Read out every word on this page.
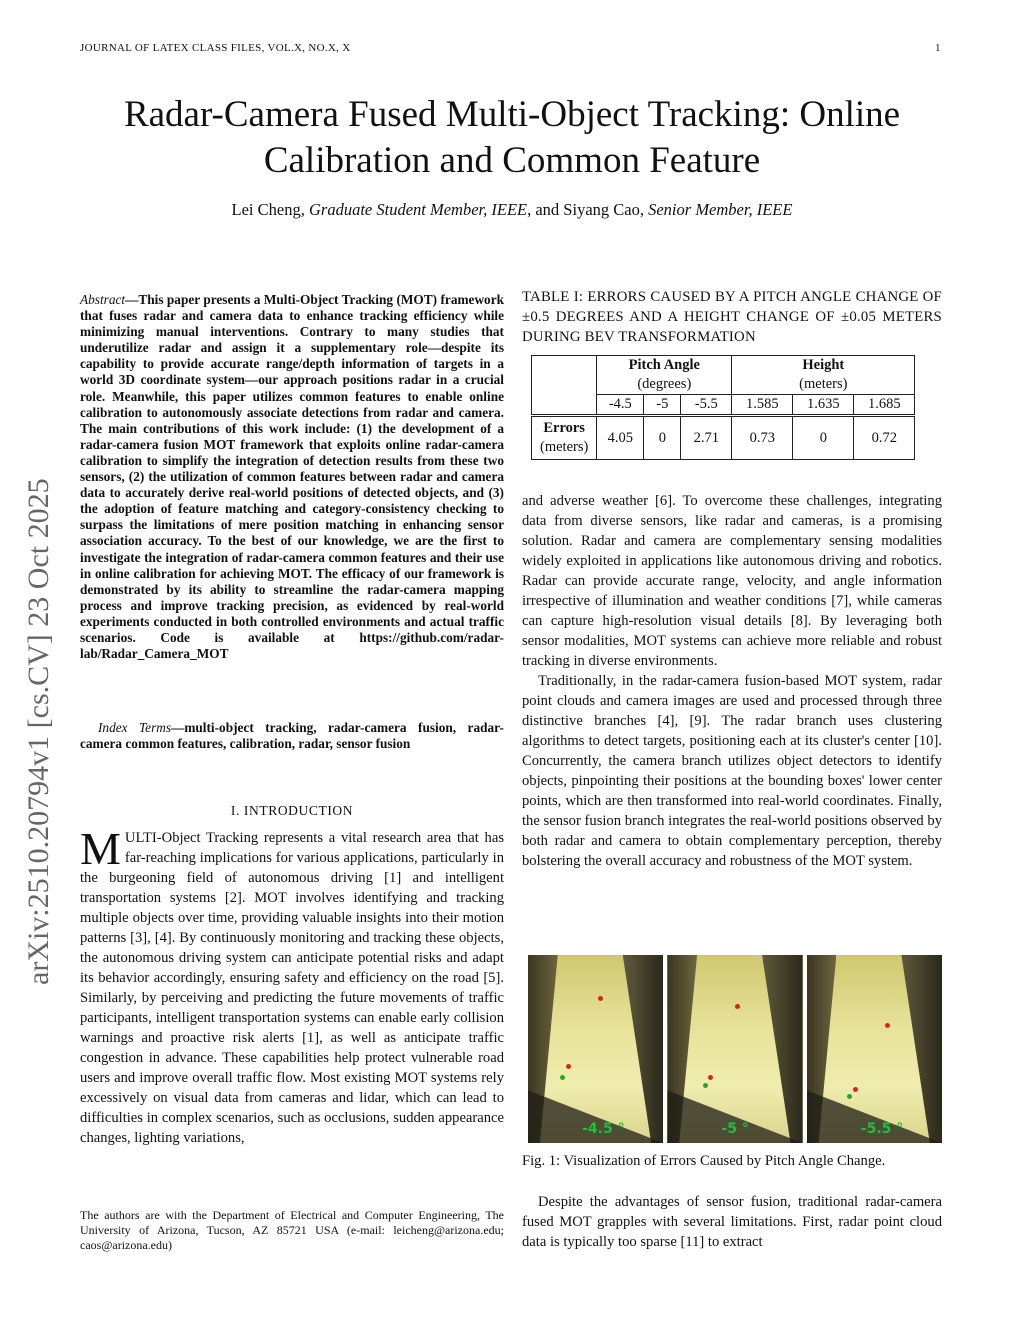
JOURNAL OF LATEX CLASS FILES, VOL.X, NO.X, X	1
Radar-Camera Fused Multi-Object Tracking: Online Calibration and Common Feature
Lei Cheng, Graduate Student Member, IEEE, and Siyang Cao, Senior Member, IEEE
arXiv:2510.20794v1 [cs.CV] 23 Oct 2025
Abstract—This paper presents a Multi-Object Tracking (MOT) framework that fuses radar and camera data to enhance tracking efficiency while minimizing manual interventions. Contrary to many studies that underutilize radar and assign it a supplementary role—despite its capability to provide accurate range/depth information of targets in a world 3D coordinate system—our approach positions radar in a crucial role. Meanwhile, this paper utilizes common features to enable online calibration to autonomously associate detections from radar and camera. The main contributions of this work include: (1) the development of a radar-camera fusion MOT framework that exploits online radar-camera calibration to simplify the integration of detection results from these two sensors, (2) the utilization of common features between radar and camera data to accurately derive real-world positions of detected objects, and (3) the adoption of feature matching and category-consistency checking to surpass the limitations of mere position matching in enhancing sensor association accuracy. To the best of our knowledge, we are the first to investigate the integration of radar-camera common features and their use in online calibration for achieving MOT. The efficacy of our framework is demonstrated by its ability to streamline the radar-camera mapping process and improve tracking precision, as evidenced by real-world experiments conducted in both controlled environments and actual traffic scenarios. Code is available at https://github.com/radar-lab/Radar_Camera_MOT
Index Terms—multi-object tracking, radar-camera fusion, radar-camera common features, calibration, radar, sensor fusion
I. INTRODUCTION
MULTI-Object Tracking represents a vital research area that has far-reaching implications for various applications, particularly in the burgeoning field of autonomous driving [1] and intelligent transportation systems [2]. MOT involves identifying and tracking multiple objects over time, providing valuable insights into their motion patterns [3], [4]. By continuously monitoring and tracking these objects, the autonomous driving system can anticipate potential risks and adapt its behavior accordingly, ensuring safety and efficiency on the road [5]. Similarly, by perceiving and predicting the future movements of traffic participants, intelligent transportation systems can enable early collision warnings and proactive risk alerts [1], as well as anticipate traffic congestion in advance. These capabilities help protect vulnerable road users and improve overall traffic flow. Most existing MOT systems rely excessively on visual data from cameras and lidar, which can lead to difficulties in complex scenarios, such as occlusions, sudden appearance changes, lighting variations,
The authors are with the Department of Electrical and Computer Engineering, The University of Arizona, Tucson, AZ 85721 USA (e-mail: leicheng@arizona.edu; caos@arizona.edu)
TABLE I: ERRORS CAUSED BY A PITCH ANGLE CHANGE OF ±0.5 DEGREES AND A HEIGHT CHANGE OF ±0.05 METERS DURING BEV TRANSFORMATION
	Pitch Angle			Height		
	(degrees)			(meters)		
	-4.5	-5	-5.5	1.585	1.635	1.685

Errors
(meters)	4.05	0	2.71	0.73	0	0.72
and adverse weather [6]. To overcome these challenges, integrating data from diverse sensors, like radar and cameras, is a promising solution. Radar and camera are complementary sensing modalities widely exploited in applications like autonomous driving and robotics. Radar can provide accurate range, velocity, and angle information irrespective of illumination and weather conditions [7], while cameras can capture high-resolution visual details [8]. By leveraging both sensor modalities, MOT systems can achieve more reliable and robust tracking in diverse environments.
Traditionally, in the radar-camera fusion-based MOT system, radar point clouds and camera images are used and processed through three distinctive branches [4], [9]. The radar branch uses clustering algorithms to detect targets, positioning each at its cluster's center [10]. Concurrently, the camera branch utilizes object detectors to identify objects, pinpointing their positions at the bounding boxes' lower center points, which are then transformed into real-world coordinates. Finally, the sensor fusion branch integrates the real-world positions observed by both radar and camera to obtain complementary perception, thereby bolstering the overall accuracy and robustness of the MOT system.
-4.5 °	-5 °	-5.5 °
Fig. 1: Visualization of Errors Caused by Pitch Angle Change.
Despite the advantages of sensor fusion, traditional radar-camera fused MOT grapples with several limitations. First, radar point cloud data is typically too sparse [11] to extract
